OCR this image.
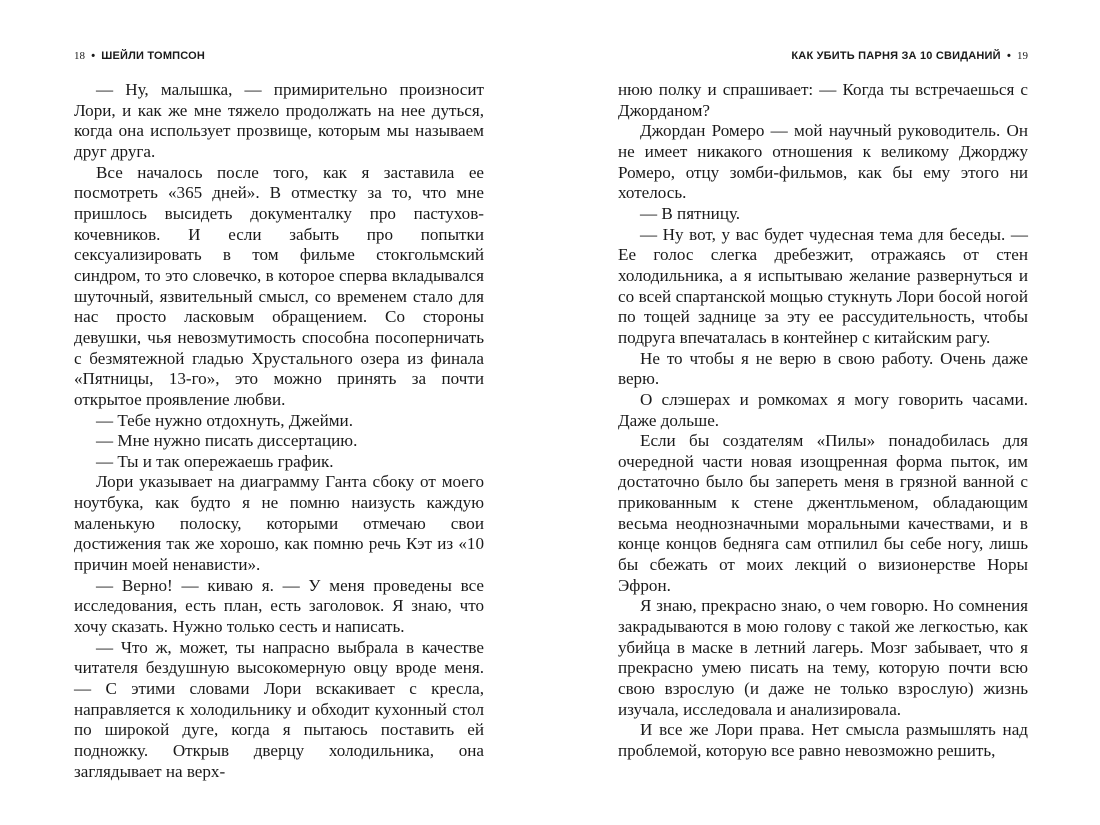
18 • ШЕЙЛИ ТОМПСОН

— Ну, малышка, — примирительно произносит Лори, и как же мне тяжело продолжать на нее дуться, когда она использует прозвище, которым мы называем друг друга.

Все началось после того, как я заставила ее посмотреть «365 дней». В отместку за то, что мне пришлось высидеть документалку про пастухов-кочевников. И если забыть про попытки сексуализировать в том фильме стокгольмский синдром, то это словечко, в которое сперва вкладывался шуточный, язвительный смысл, со временем стало для нас просто ласковым обращением. Со стороны девушки, чья невозмутимость способна посоперничать с безмятежной гладью Хрустального озера из финала «Пятницы, 13-го», это можно принять за почти открытое проявление любви.

— Тебе нужно отдохнуть, Джейми.

— Мне нужно писать диссертацию.

— Ты и так опережаешь график.

Лори указывает на диаграмму Ганта сбоку от моего ноутбука, как будто я не помню наизусть каждую маленькую полоску, которыми отмечаю свои достижения так же хорошо, как помню речь Кэт из «10 причин моей ненависти».

— Верно! — киваю я. — У меня проведены все исследования, есть план, есть заголовок. Я знаю, что хочу сказать. Нужно только сесть и написать.

— Что ж, может, ты напрасно выбрала в качестве читателя бездушную высокомерную овцу вроде меня. — С этими словами Лори вскакивает с кресла, направляется к холодильнику и обходит кухонный стол по широкой дуге, когда я пытаюсь поставить ей подножку. Открыв дверцу холодильника, она заглядывает на верх-

КАК УБИТЬ ПАРНЯ ЗА 10 СВИДАНИЙ • 19

нюю полку и спрашивает: — Когда ты встречаешься с Джорданом?

Джордан Ромеро — мой научный руководитель. Он не имеет никакого отношения к великому Джорджу Ромеро, отцу зомби-фильмов, как бы ему этого ни хотелось.

— В пятницу.

— Ну вот, у вас будет чудесная тема для беседы. — Ее голос слегка дребезжит, отражаясь от стен холодильника, а я испытываю желание развернуться и со всей спартанской мощью стукнуть Лори босой ногой по тощей заднице за эту ее рассудительность, чтобы подруга впечаталась в контейнер с китайским рагу.

Не то чтобы я не верю в свою работу. Очень даже верю.

О слэшерах и ромкомах я могу говорить часами. Даже дольше.

Если бы создателям «Пилы» понадобилась для очередной части новая изощренная форма пыток, им достаточно было бы запереть меня в грязной ванной с прикованным к стене джентльменом, обладающим весьма неоднозначными моральными качествами, и в конце концов бедняга сам отпилил бы себе ногу, лишь бы сбежать от моих лекций о визионерстве Норы Эфрон.

Я знаю, прекрасно знаю, о чем говорю. Но сомнения закрадываются в мою голову с такой же легкостью, как убийца в маске в летний лагерь. Мозг забывает, что я прекрасно умею писать на тему, которую почти всю свою взрослую (и даже не только взрослую) жизнь изучала, исследовала и анализировала.

И все же Лори права. Нет смысла размышлять над проблемой, которую все равно невозможно решить,
